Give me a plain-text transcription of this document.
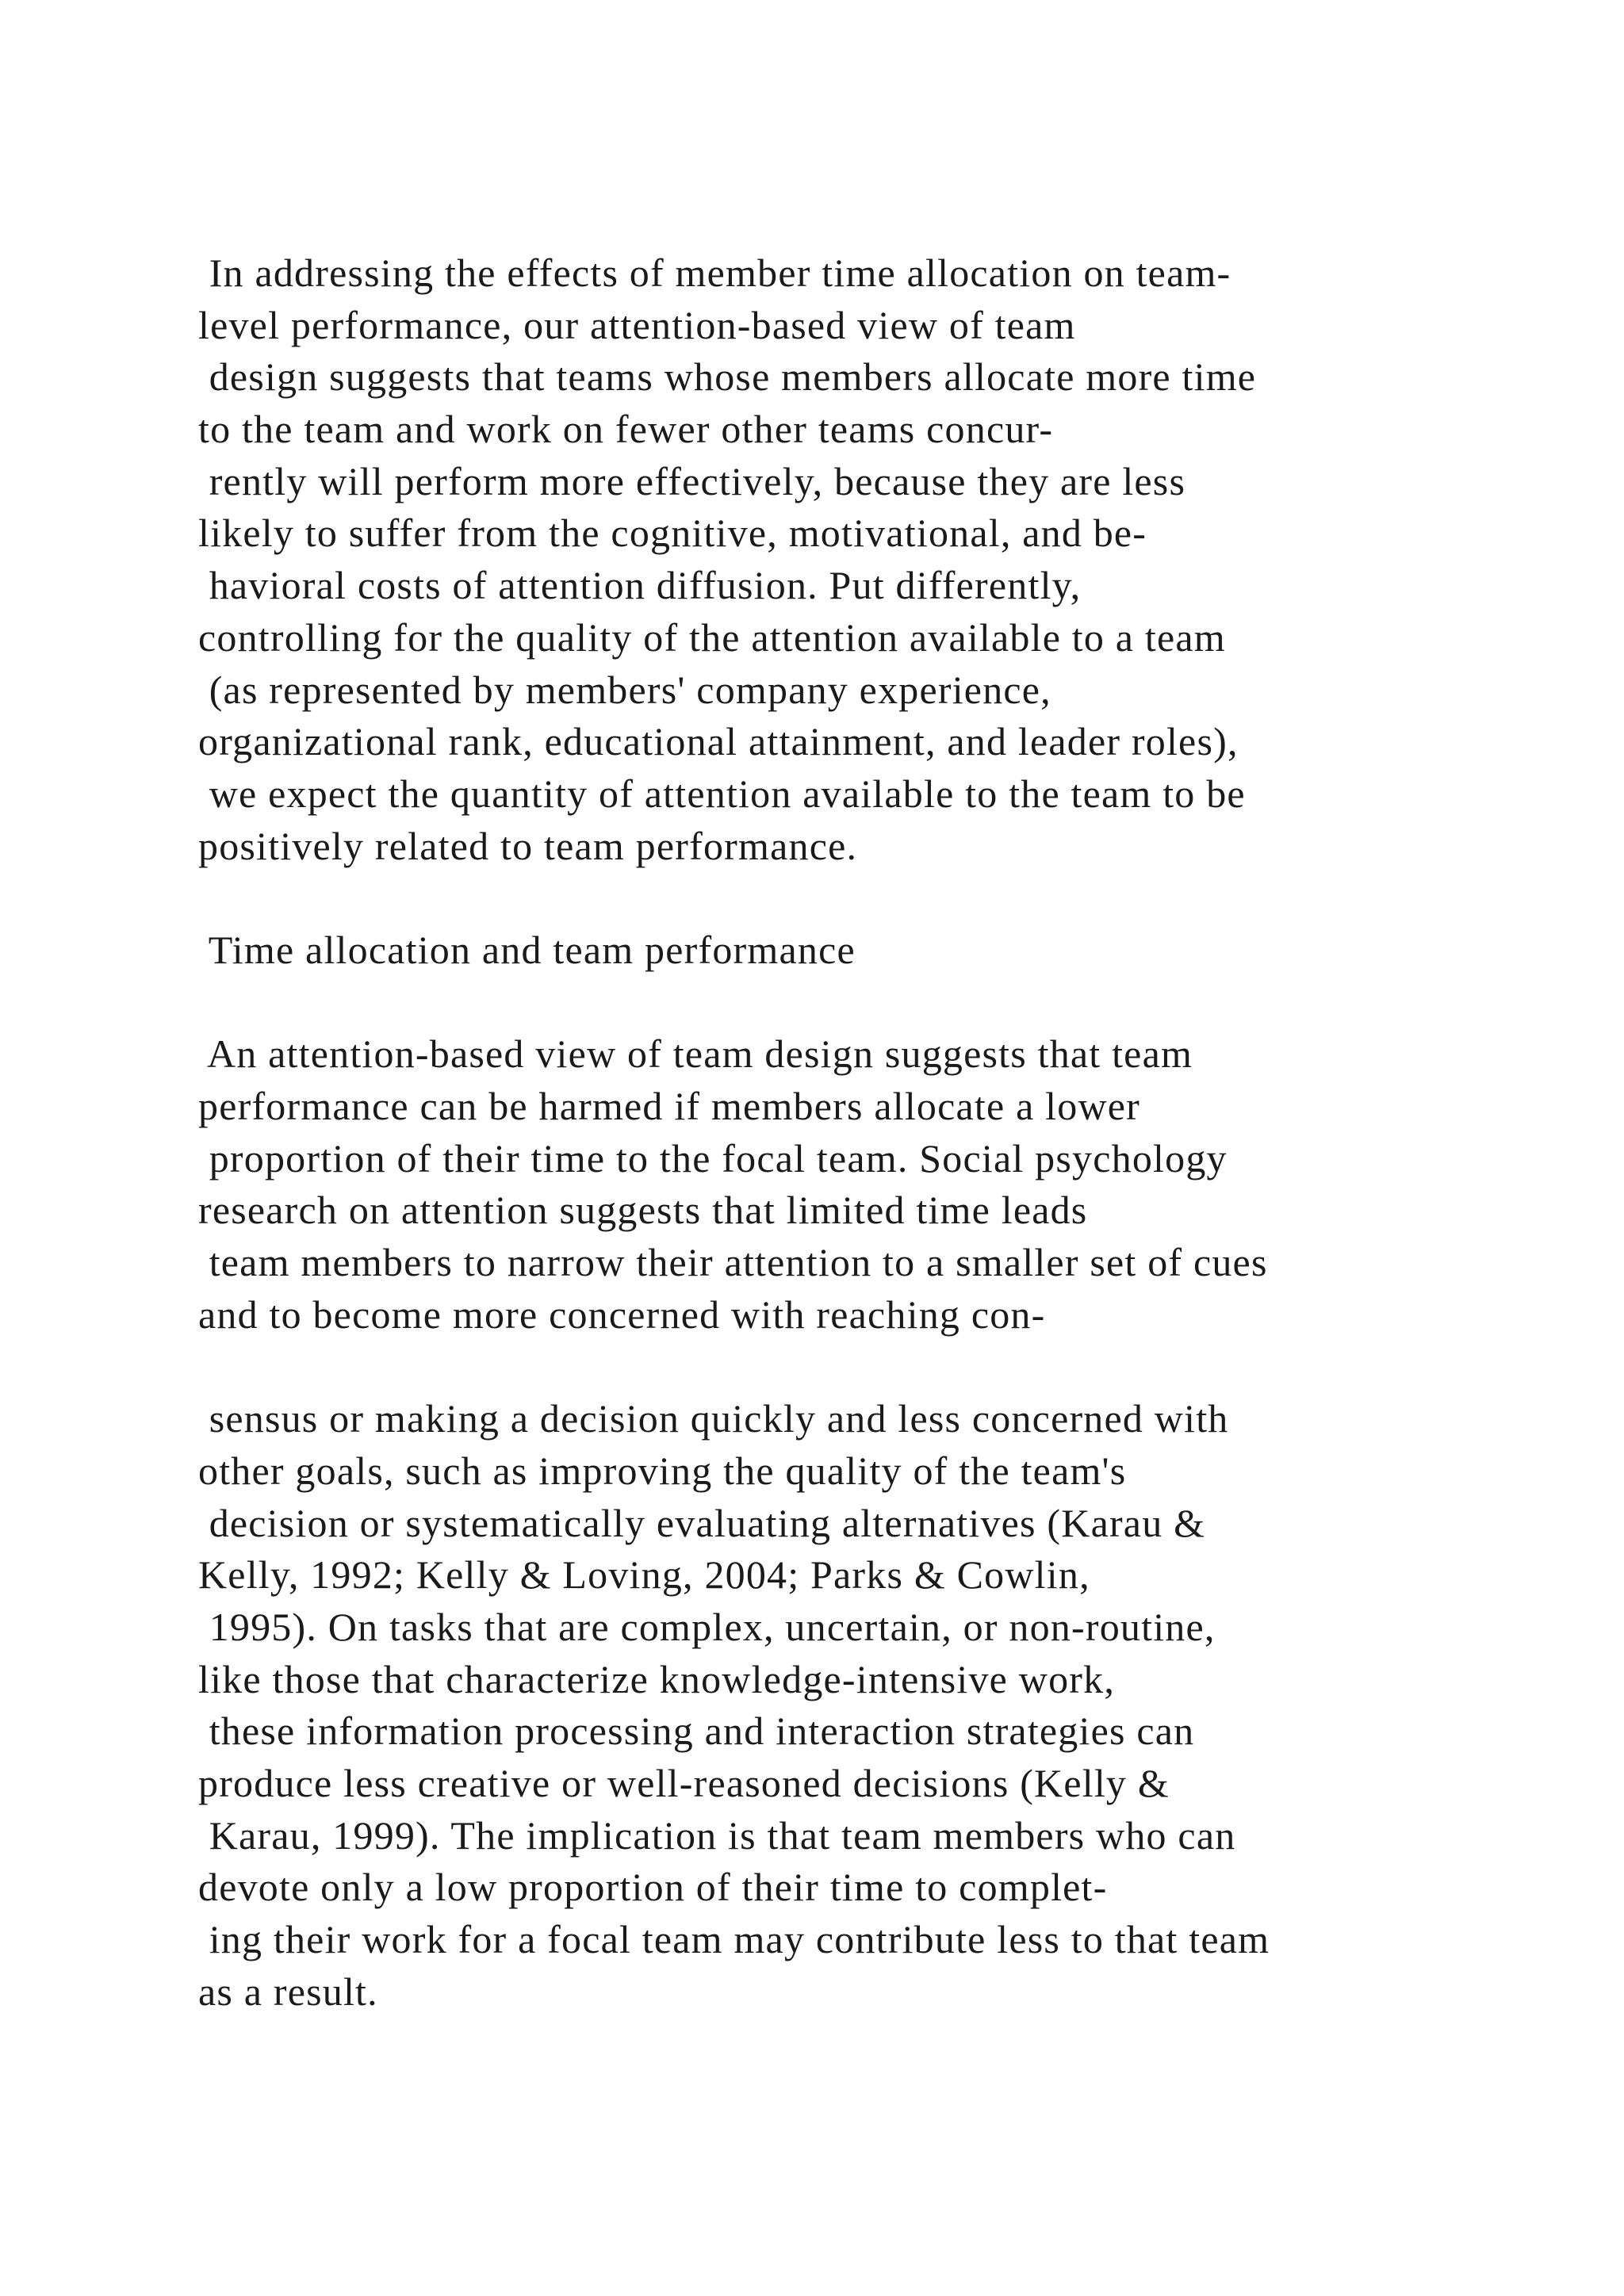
In addressing the effects of member time allocation on team-
level performance, our attention-based view of team
design suggests that teams whose members allocate more time
to the team and work on fewer other teams concur-
rently will perform more effectively, because they are less
likely to suffer from the cognitive, motivational, and be-
havioral costs of attention diffusion. Put differently,
controlling for the quality of the attention available to a team
(as represented by members' company experience,
organizational rank, educational attainment, and leader roles),
we expect the quantity of attention available to the team to be
positively related to team performance.
Time allocation and team performance
An attention-based view of team design suggests that team
performance can be harmed if members allocate a lower
proportion of their time to the focal team. Social psychology
research on attention suggests that limited time leads
team members to narrow their attention to a smaller set of cues
and to become more concerned with reaching con-
sensus or making a decision quickly and less concerned with
other goals, such as improving the quality of the team's
decision or systematically evaluating alternatives (Karau &
Kelly, 1992; Kelly & Loving, 2004; Parks & Cowlin,
1995). On tasks that are complex, uncertain, or non-routine,
like those that characterize knowledge-intensive work,
these information processing and interaction strategies can
produce less creative or well-reasoned decisions (Kelly &
Karau, 1999). The implication is that team members who can
devote only a low proportion of their time to complet-
ing their work for a focal team may contribute less to that team
as a result.
